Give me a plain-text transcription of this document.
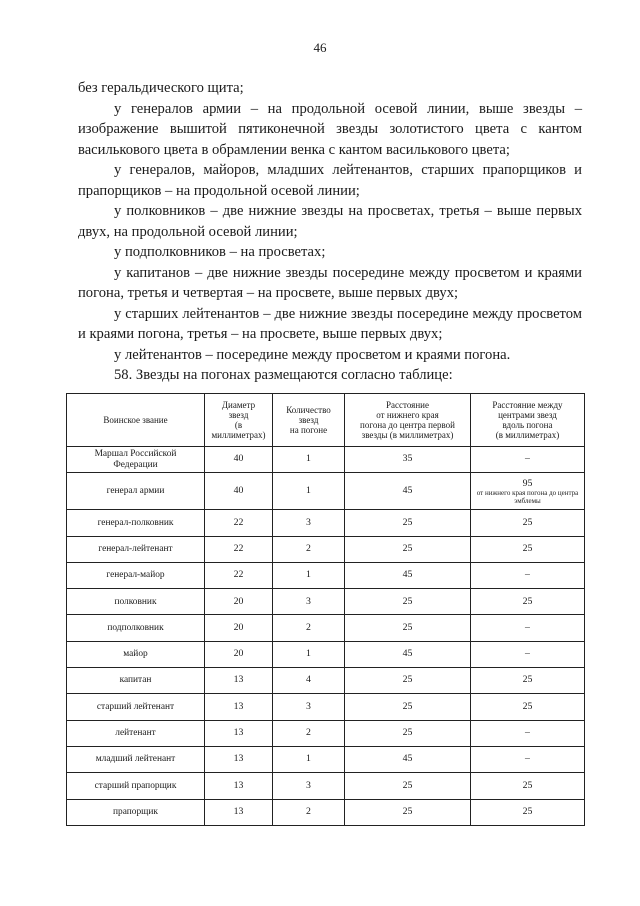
46

без геральдического щита;

у генералов армии – на продольной осевой линии, выше звезды – изображение вышитой пятиконечной звезды золотистого цвета с кантом василькового цвета в обрамлении венка с кантом василькового цвета;

у генералов, майоров, младших лейтенантов, старших прапорщиков и прапорщиков – на продольной осевой линии;

у полковников – две нижние звезды на просветах, третья – выше первых двух, на продольной осевой линии;

у подполковников – на просветах;

у капитанов – две нижние звезды посередине между просветом и краями погона, третья и четвертая – на просвете, выше первых двух;

у старших лейтенантов – две нижние звезды посередине между просветом и краями погона, третья – на просвете, выше первых двух;

у лейтенантов – посередине между просветом и краями погона.

58. Звезды на погонах размещаются согласно таблице:

Воинское звание	Диаметр
звезд
(в миллиметрах)	Количество
звезд
на погоне	Расстояние
от нижнего края
погона до центра первой
звезды (в миллиметрах)	Расстояние между
центрами звезд
вдоль погона
(в миллиметрах)

Маршал Российской Федерации	40	1	35	–
генерал армии	40	1	45	95
от нижнего края погона до центра эмблемы

генерал-полковник	22	3	25	25
генерал-лейтенант	22	2	25	25
генерал-майор	22	1	45	–
полковник	20	3	25	25
подполковник	20	2	25	–
майор	20	1	45	–
капитан	13	4	25	25
старший лейтенант	13	3	25	25
лейтенант	13	2	25	–
младший лейтенант	13	1	45	–
старший прапорщик	13	3	25	25
прапорщик	13	2	25	25
